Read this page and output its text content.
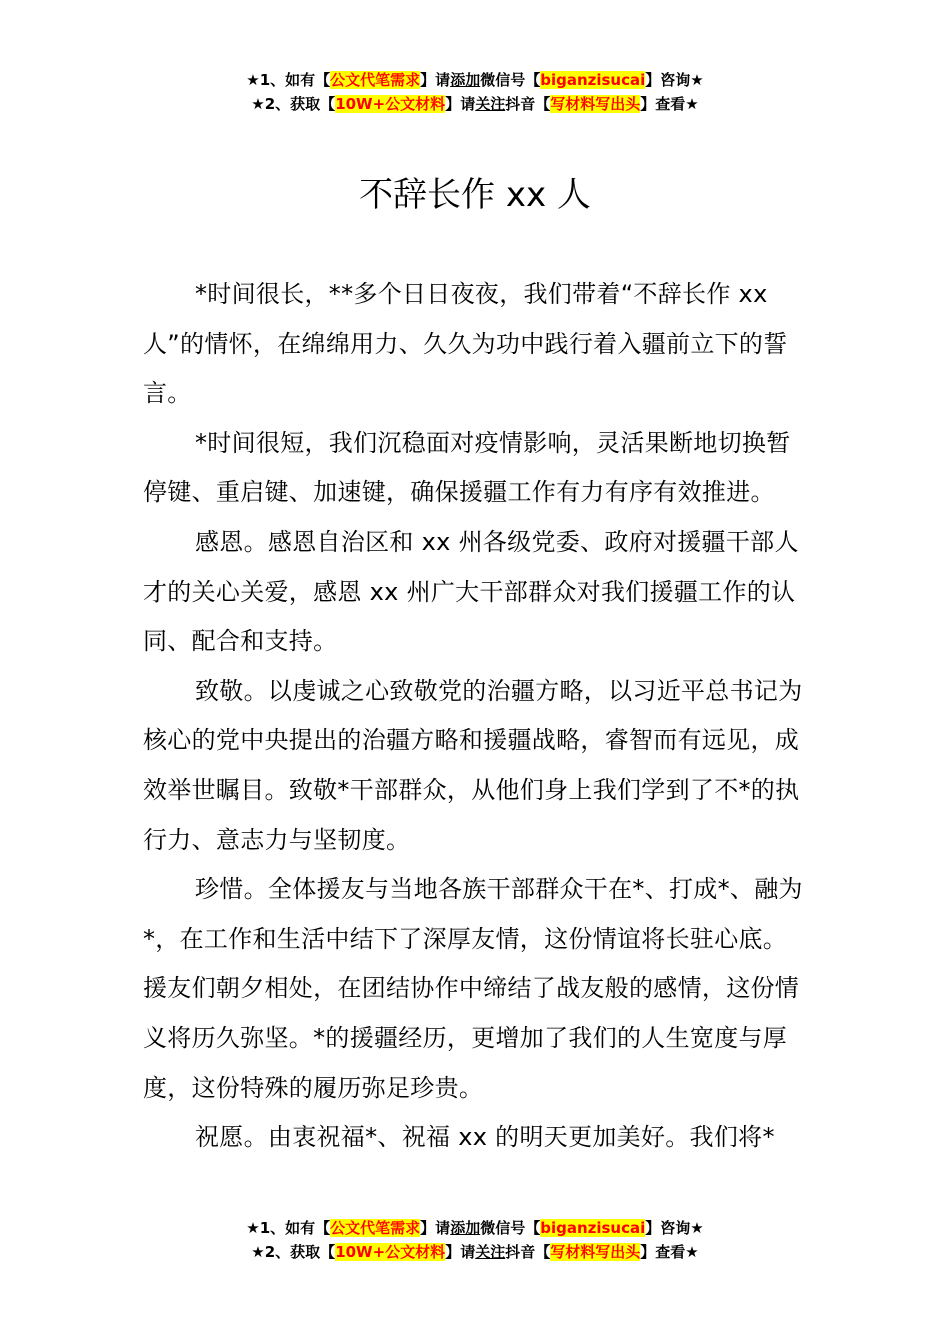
★1、如有【公文代笔需求】请添加微信号【biganzisucai】咨询★
★2、获取【10W+公文材料】请关注抖音【写材料写出头】查看★
不辞长作 xx 人

*时间很长，**多个日日夜夜，我们带着“不辞长作 xx 人”的情怀，在绵绵用力、久久为功中践行着入疆前立下的誓言。

*时间很短，我们沉稳面对疫情影响，灵活果断地切换暂停键、重启键、加速键，确保援疆工作有力有序有效推进。

感恩。感恩自治区和 xx 州各级党委、政府对援疆干部人才的关心关爱，感恩 xx 州广大干部群众对我们援疆工作的认同、配合和支持。

致敬。以虔诚之心致敬党的治疆方略，以习近平总书记为核心的党中央提出的治疆方略和援疆战略，睿智而有远见，成效举世瞩目。致敬*干部群众，从他们身上我们学到了不*的执行力、意志力与坚韧度。

珍惜。全体援友与当地各族干部群众干在*、打成*、融为*，在工作和生活中结下了深厚友情，这份情谊将长驻心底。援友们朝夕相处，在团结协作中缔结了战友般的感情，这份情义将历久弥坚。*的援疆经历，更增加了我们的人生宽度与厚度，这份特殊的履历弥足珍贵。

祝愿。由衷祝福*、祝福 xx 的明天更加美好。我们将*

★1、如有【公文代笔需求】请添加微信号【biganzisucai】咨询★
★2、获取【10W+公文材料】请关注抖音【写材料写出头】查看★
